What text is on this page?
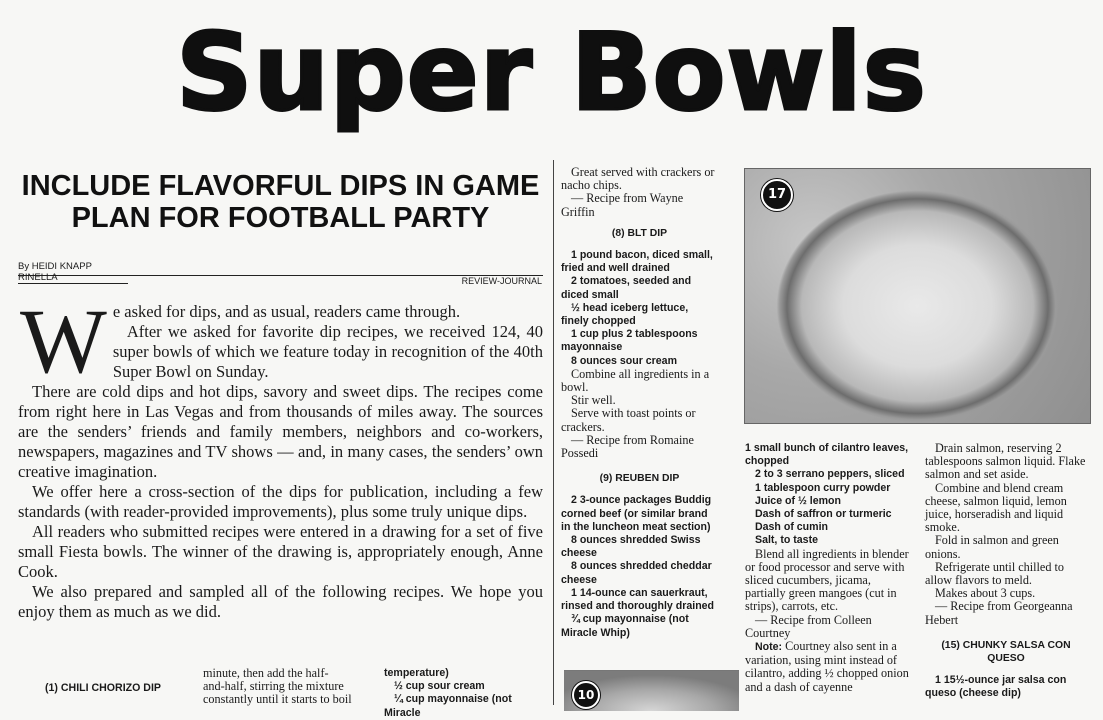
Super Bowls
INCLUDE FLAVORFUL DIPS IN GAME PLAN FOR FOOTBALL PARTY
By HEIDI KNAPP RINELLA	REVIEW-JOURNAL

We asked for dips, and as usual, readers came through.

After we asked for favorite dip recipes, we received 124, 40 super bowls of which we feature today in recognition of the 40th Super Bowl on Sunday.

There are cold dips and hot dips, savory and sweet dips. The recipes come from right here in Las Vegas and from thousands of miles away. The sources are the senders’ friends and family members, neighbors and co-workers, newspapers, magazines and TV shows — and, in many cases, the senders’ own creative imagination.

We offer here a cross-section of the dips for publication, including a few standards (with reader-provided improvements), plus some truly unique dips.

All readers who submitted recipes were entered in a drawing for a set of five small Fiesta bowls. The winner of the drawing is, appropriately enough, Anne Cook.

We also prepared and sampled all of the following recipes. We hope you enjoy them as much as we did.

(1) CHILI CHORIZO DIP

minute, then add the half-

and-half, stirring the mixture

constantly until it starts to boil

temperature)

½ cup sour cream

¼ cup mayonnaise (not Miracle

Great served with crackers or nacho chips.

— Recipe from Wayne Griffin

(8) BLT DIP

1 pound bacon, diced small, fried and well drained

2 tomatoes, seeded and diced small

½ head iceberg lettuce, finely chopped

1 cup plus 2 tablespoons mayonnaise

8 ounces sour cream

Combine all ingredients in a bowl.

Stir well.

Serve with toast points or crackers.

— Recipe from Romaine Possedi

(9) REUBEN DIP

2 3-ounce packages Buddig corned beef (or similar brand in the luncheon meat section)

8 ounces shredded Swiss cheese

8 ounces shredded cheddar cheese

1 14-ounce can sauerkraut, rinsed and thoroughly drained

¾ cup mayonnaise (not Miracle Whip)

17
10

1 small bunch of cilantro leaves, chopped

2 to 3 serrano peppers, sliced

1 tablespoon curry powder

Juice of ½ lemon

Dash of saffron or turmeric

Dash of cumin

Salt, to taste

Blend all ingredients in blender or food processor and serve with sliced cucumbers, jicama, partially green mangoes (cut in strips), carrots, etc.

— Recipe from Colleen Courtney

Note: Courtney also sent in a variation, using mint instead of cilantro, adding ½ chopped onion and a dash of cayenne

Drain salmon, reserving 2 tablespoons salmon liquid. Flake salmon and set aside.

Combine and blend cream cheese, salmon liquid, lemon juice, horseradish and liquid smoke.

Fold in salmon and green onions.

Refrigerate until chilled to allow flavors to meld.

Makes about 3 cups.

— Recipe from Georgeanna Hebert

(15) CHUNKY SALSA CON QUESO

1 15½-ounce jar salsa con queso (cheese dip)
